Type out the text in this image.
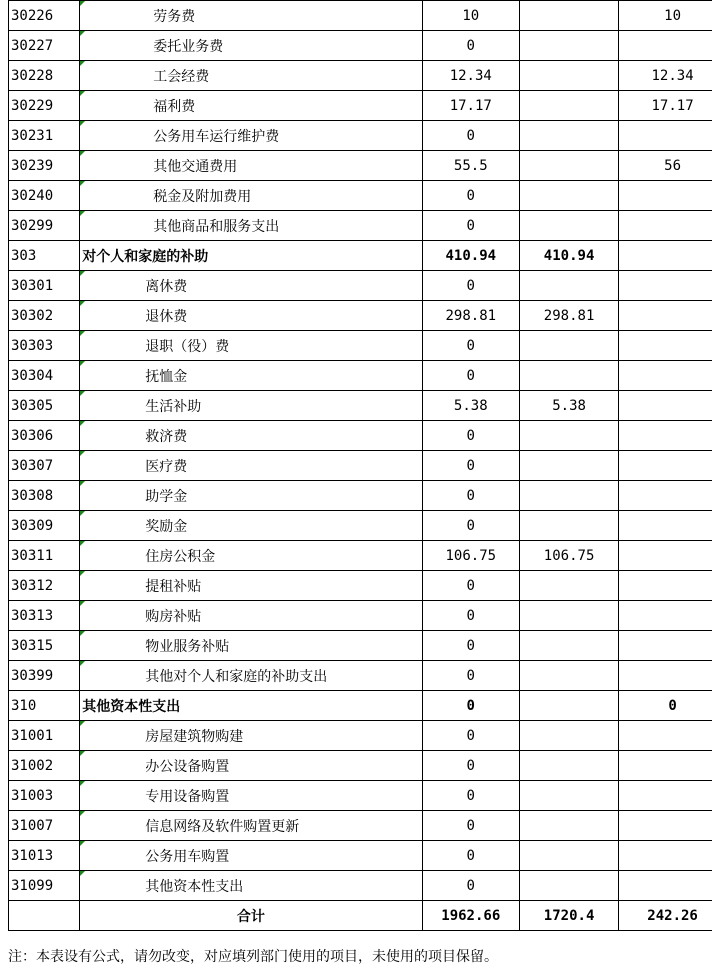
30226	劳务费	10		10
30227	委托业务费	0		
30228	工会经费	12.34		12.34
30229	福利费	17.17		17.17
30231	公务用车运行维护费	0		
30239	其他交通费用	55.5		56
30240	税金及附加费用	0		
30299	其他商品和服务支出	0		
303	对个人和家庭的补助	410.94	410.94	
30301	离休费	0		
30302	退休费	298.81	298.81	
30303	退职（役）费	0		
30304	抚恤金	0		
30305	生活补助	5.38	5.38	
30306	救济费	0		
30307	医疗费	0		
30308	助学金	0		
30309	奖励金	0		
30311	住房公积金	106.75	106.75	
30312	提租补贴	0		
30313	购房补贴	0		
30315	物业服务补贴	0		
30399	其他对个人和家庭的补助支出	0		
310	其他资本性支出	0		0
31001	房屋建筑物购建	0		
31002	办公设备购置	0		
31003	专用设备购置	0		
31007	信息网络及软件购置更新	0		
31013	公务用车购置	0		
31099	其他资本性支出	0		
	合计	1962.66	1720.4	242.26
注：本表设有公式，请勿改变，对应填列部门使用的项目，未使用的项目保留。
